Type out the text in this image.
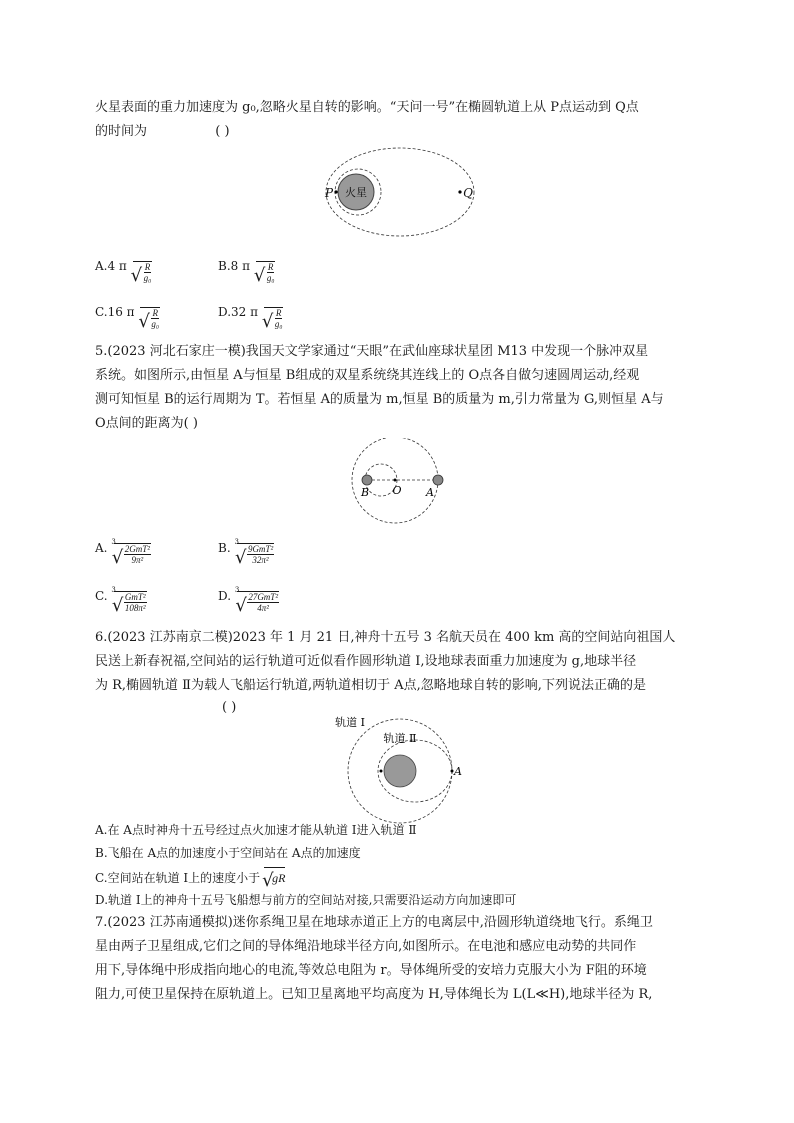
火星表面的重力加速度为 g₀,忽略火星自转的影响。“天问一号”在椭圆轨道上从 P点运动到 Q点
的时间为	( )
火星
P	Q
A.4 π √ $\frac{R}{\text{g₀}}$	B.8 π √ $\frac{R}{\text{g₀}}$
C.16 π √ $\frac{R}{\text{g₀}}$	D.32 π √ $\frac{R}{\text{g₀}}$
5.(2023 河北石家庄一模)我国天文学家通过“天眼”在武仙座球状星团 M13 中发现一个脉冲双星
系统。如图所示,由恒星 A与恒星 B组成的双星系统绕其连线上的 O点各自做匀速圆周运动,经观
测可知恒星 B的运行周期为 T。若恒星 A的质量为 m,恒星 B的质量为 m,引力常量为 G,则恒星 A与
O点间的距离为( )
B O A
A. $^3$
√ $\frac{\text{2GmT²}}{\text{9π²}}$	B. $^3$
√ $\frac{\text{9GmT²}}{\text{32π²}}$
C. $^3$
√ $\frac{\text{GmT²}}{\text{108π²}}$	D. $^3$
√ $\frac{\text{27GmT²}}{\text{4π²}}$
6.(2023 江苏南京二模)2023 年 1 月 21 日,神舟十五号 3 名航天员在 400 km 高的空间站向祖国人
民送上新春祝福,空间站的运行轨道可近似看作圆形轨道 Ⅰ,设地球表面重力加速度为 g,地球半径
为 R,椭圆轨道 Ⅱ为载人飞船运行轨道,两轨道相切于 A点,忽略地球自转的影响,下列说法正确的是
( )
轨道 Ⅰ
轨道 Ⅱ
A
A.在 A点时神舟十五号经过点火加速才能从轨道 Ⅰ进入轨道 Ⅱ
B.飞船在 A点的加速度小于空间站在 A点的加速度
C.空间站在轨道 Ⅰ上的速度小于 √ gR
D.轨道 Ⅰ上的神舟十五号飞船想与前方的空间站对接,只需要沿运动方向加速即可
7.(2023 江苏南通模拟)迷你系绳卫星在地球赤道正上方的电离层中,沿圆形轨道绕地飞行。系绳卫
星由两子卫星组成,它们之间的导体绳沿地球半径方向,如图所示。在电池和感应电动势的共同作
用下,导体绳中形成指向地心的电流,等效总电阻为 r。导体绳所受的安培力克服大小为 F阻的环境
阻力,可使卫星保持在原轨道上。已知卫星离地平均高度为 H,导体绳长为 L(L≪H),地球半径为 R,
